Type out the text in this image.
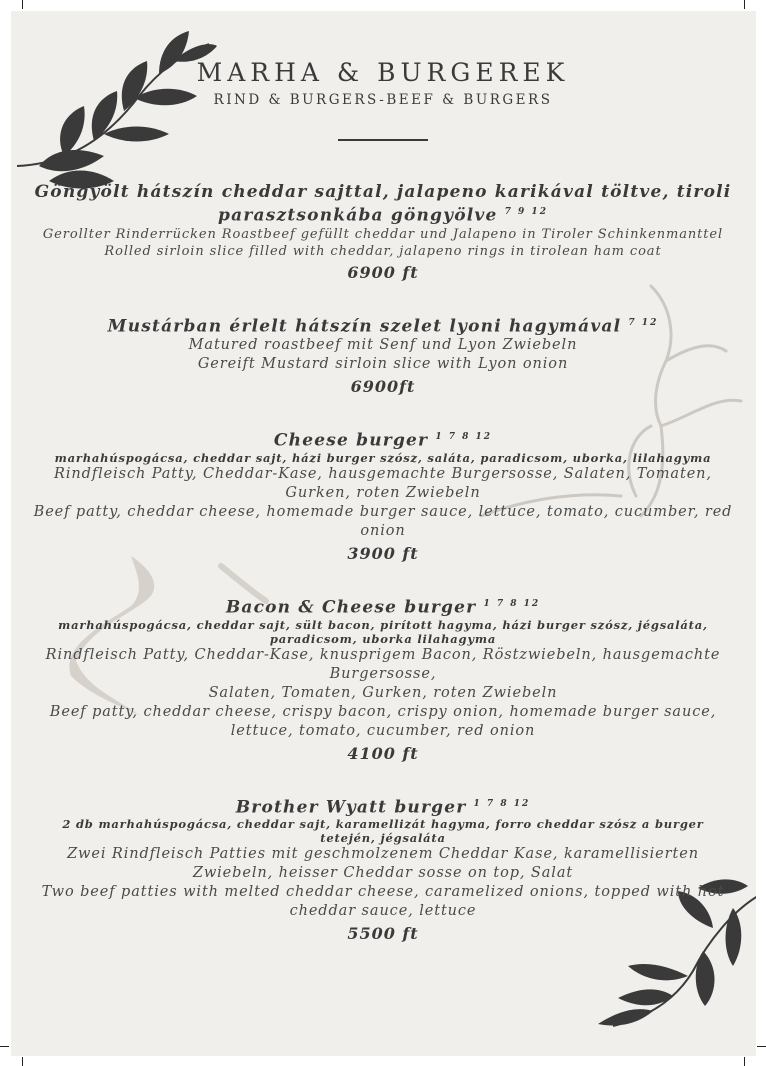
MARHA & BURGEREK
RIND & BURGERS-BEEF & BURGERS
Göngyölt hátszín cheddar sajttal, jalapeno karikával töltve, tiroli parasztsonkába göngyölve $^{7 9 12}$
Gerollter Rinderrücken Roastbeef gefüllt cheddar und Jalapeno in Tiroler Schinkenmanttel
Rolled sirloin slice filled with cheddar, jalapeno rings in tirolean ham coat
6900 ft
Mustárban érlelt hátszín szelet lyoni hagymával $^{7 12}$
Matured roastbeef mit Senf und Lyon Zwiebeln
Gereift Mustard sirloin slice with Lyon onion
6900ft
Cheese burger $^{1 7 8 12}$
marhahúspogácsa, cheddar sajt, házi burger szósz, saláta, paradicsom, uborka, lilahagyma
Rindfleisch Patty, Cheddar-Kase, hausgemachte Burgersosse, Salaten, Tomaten, Gurken, roten Zwiebeln
Beef patty, cheddar cheese, homemade burger sauce, lettuce, tomato, cucumber, red onion
3900 ft
Bacon & Cheese burger $^{1 7 8 12}$
marhahúspogácsa, cheddar sajt, sült bacon, pirított hagyma, házi burger szósz, jégsaláta, paradicsom, uborka lilahagyma
Rindfleisch Patty, Cheddar-Kase, knusprigem Bacon, Röstzwiebeln, hausgemachte Burgersosse,
Salaten, Tomaten, Gurken, roten Zwiebeln
Beef patty, cheddar cheese, crispy bacon, crispy onion, homemade burger sauce, lettuce, tomato, cucumber, red onion
4100 ft
Brother Wyatt burger $^{1 7 8 12}$
2 db marhahúspogácsa, cheddar sajt, karamellizát hagyma, forro cheddar szósz a burger tetején, jégsaláta
Zwei Rindfleisch Patties mit geschmolzenem Cheddar Kase, karamellisierten Zwiebeln, heisser Cheddar sosse on top, Salat
Two beef patties with melted cheddar cheese, caramelized onions, topped with hot cheddar sauce, lettuce
5500 ft
